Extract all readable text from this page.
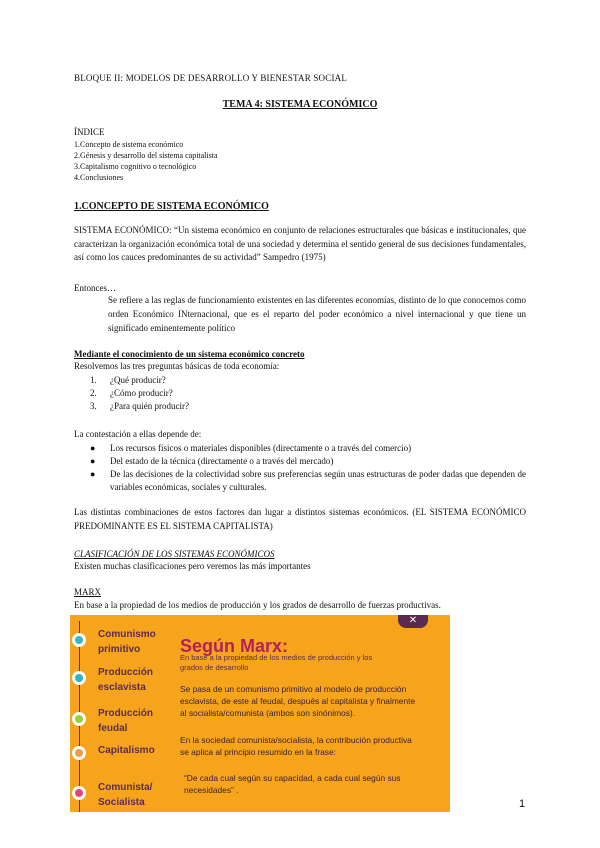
BLOQUE II: MODELOS DE DESARROLLO Y BIENESTAR SOCIAL
TEMA 4: SISTEMA ECONÓMICO
ÍNDICE
1.Concepto de sistema económico
2.Génesis y desarrollo del sistema capitalista
3.Capitalismo cognitivo o tecnológico
4.Conclusiones
1.CONCEPTO DE SISTEMA ECONÓMICO
SISTEMA ECONÓMICO: “Un sistema económico en conjunto de relaciones estructurales que básicas e institucionales, que caracterizan la organización económica total de una sociedad y determina el sentido general de sus decisiones fundamentales, así como los cauces predominantes de su actividad” Sampedro (1975)
Entonces…
Se refiere a las reglas de funcionamiento existentes en las diferentes economías, distinto de lo que conocemos como orden Económico INternacional, que es el reparto del poder económico a nivel internacional y que tiene un significado eminentemente político
Mediante el conocimiento de un sistema económico concreto
Resolvemos las tres preguntas básicas de toda economía:
1.	¿Qué producir?
2.	¿Cómo producir?
3.	¿Para quién producir?
La contestación a ellas depende de:
●	Los recursos físicos o materiales disponibles (directamente o a través del comercio)
●	Del estado de la técnica (directamente o a través del mercado)
●	De las decisiones de la colectividad sobre sus preferencias según unas estructuras de poder dadas que dependen de variables económicas, sociales y culturales.
Las distintas combinaciones de estos factores dan lugar a distintos sistemas económicos. (EL SISTEMA ECONÓMICO PREDOMINANTE ES EL SISTEMA CAPITALISTA)
CLASIFICACIÓN DE LOS SISTEMAS ECONÓMICOS
Existen muchas clasificaciones pero veremos las más importantes
MARX
En base a la propiedad de los medios de producción y los grados de desarrollo de fuerzas productivas.
Comunismo primitivo
Producción esclavista
Producción feudal
Capitalismo
Comunista/ Socialista
✕
Según Marx:
En base a la propiedad de los medios de producción y los grados de desarrollo
Se pasa de un comunismo primitivo al modelo de producción esclavista, de este al feudal, después al capitalista y finalmente al socialista/comunista (ambos son sinónimos).
En la sociedad comunista/socialista, la contribución productiva se aplica al principio resumido en la frase:
“De cada cual según su capacidad, a cada cual según sus necesidades” .
1
